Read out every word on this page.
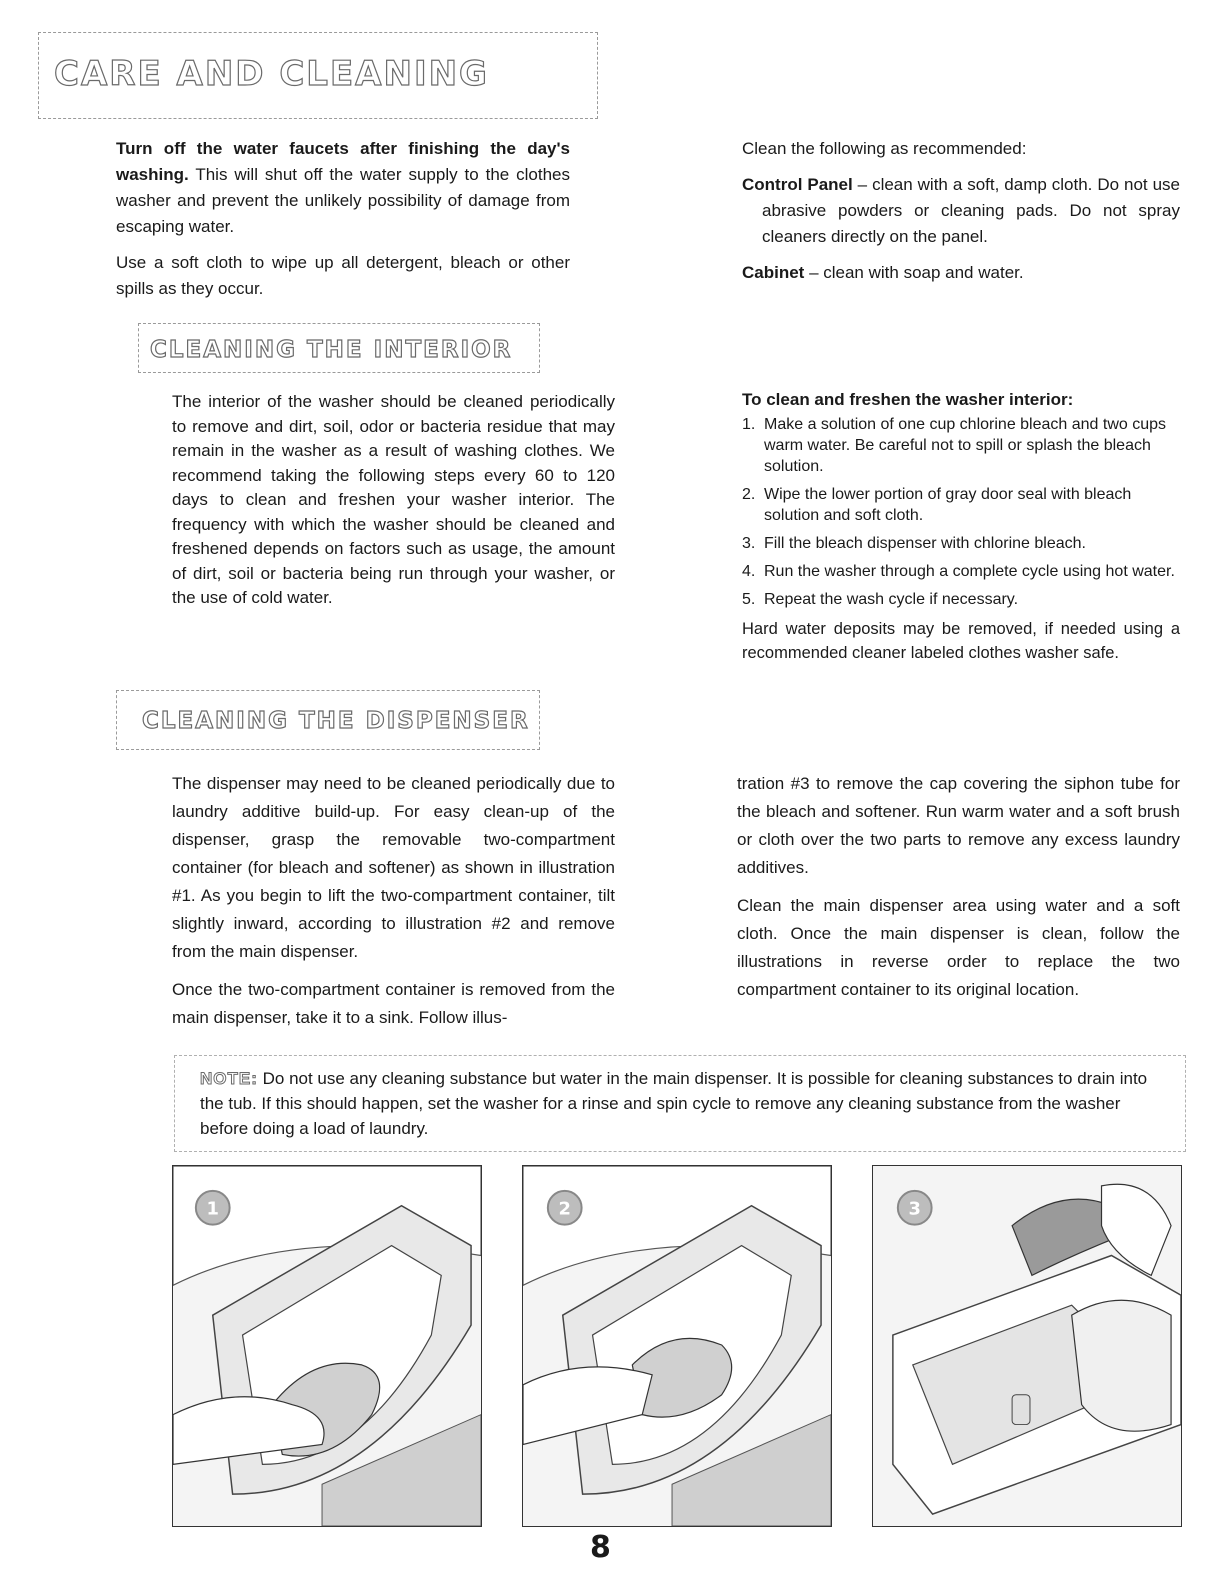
CARE AND CLEANING

Turn off the water faucets after finishing the day's washing. This will shut off the water supply to the clothes washer and prevent the unlikely possibility of damage from escaping water.

Use a soft cloth to wipe up all detergent, bleach or other spills as they occur.

Clean the following as recommended:

Control Panel – clean with a soft, damp cloth. Do not use abrasive powders or cleaning pads. Do not spray cleaners directly on the panel.

Cabinet – clean with soap and water.

CLEANING THE INTERIOR
The interior of the washer should be cleaned periodically to remove and dirt, soil, odor or bacteria residue that may remain in the washer as a result of washing clothes. We recommend taking the following steps every 60 to 120 days to clean and freshen your washer interior. The frequency with which the washer should be cleaned and freshened depends on factors such as usage, the amount of dirt, soil or bacteria being run through your washer, or the use of cold water.
To clean and freshen the washer interior:
1. Make a solution of one cup chlorine bleach and two cups warm water. Be careful not to spill or splash the bleach solution.
2. Wipe the lower portion of gray door seal with bleach solution and soft cloth.
3. Fill the bleach dispenser with chlorine bleach.
4. Run the washer through a complete cycle using hot water.
5. Repeat the wash cycle if necessary.
Hard water deposits may be removed, if needed using a recommended cleaner labeled clothes washer safe.
CLEANING THE DISPENSER

The dispenser may need to be cleaned periodically due to laundry additive build-up. For easy clean-up of the dispenser, grasp the removable two-compartment container (for bleach and softener) as shown in illustration #1. As you begin to lift the two-compartment container, tilt slightly inward, according to illustration #2 and remove from the main dispenser.

Once the two-compartment container is removed from the main dispenser, take it to a sink. Follow illus-

tration #3 to remove the cap covering the siphon tube for the bleach and softener. Run warm water and a soft brush or cloth over the two parts to remove any excess laundry additives.

Clean the main dispenser area using water and a soft cloth. Once the main dispenser is clean, follow the illustrations in reverse order to replace the two compartment container to its original location.

NOTE: Do not use any cleaning substance but water in the main dispenser. It is possible for cleaning substances to drain into the tub. If this should happen, set the washer for a rinse and spin cycle to remove any cleaning substance from the washer before doing a load of laundry.
1	2	3
8
